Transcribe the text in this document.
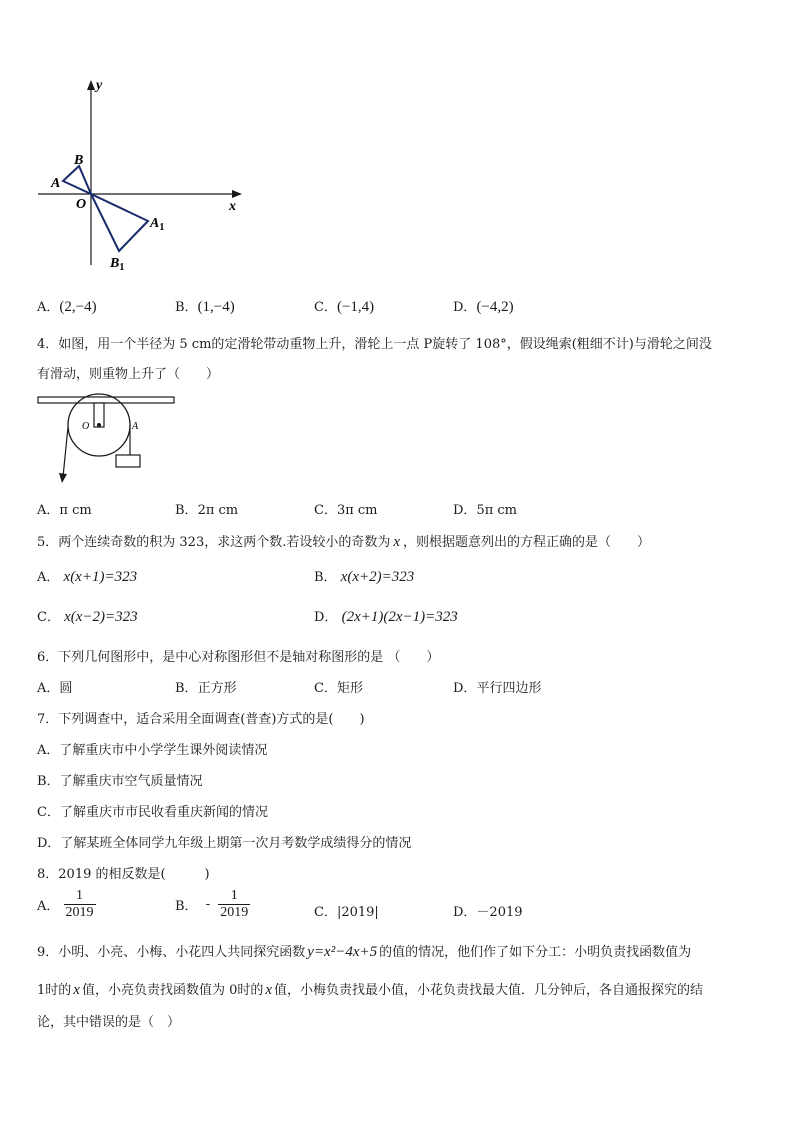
y
x
O
A
B
$A_1$
$B_1$
A．(2,−4)	B．(1,−4)	C．(−1,4)	D．(−4,2)
4．如图，用一个半径为 5 cm的定滑轮带动重物上升，滑轮上一点 P旋转了 108°，假设绳索(粗细不计)与滑轮之间没
有滑动，则重物上升了（　　）
O	A
A．π cm	B．2π cm	C．3π cm	D．5π cm
5．两个连续奇数的积为 323，求这两个数.若设较小的奇数为 x ，则根据题意列出的方程正确的是（　　）
A． x(x+1)=323	B． x(x+2)=323
C． x(x−2)=323	D． (2x+1)(2x−1)=323
6．下列几何图形中，是中心对称图形但不是轴对称图形的是 （　　）
A．圆	B．正方形	C．矩形	D．平行四边形
7．下列调查中，适合采用全面调查(普查)方式的是(　　)
A．了解重庆市中小学学生课外阅读情况
B．了解重庆市空气质量情况
C．了解重庆市市民收看重庆新闻的情况
D．了解某班全体同学九年级上期第一次月考数学成绩得分的情况
8．2019 的相反数是(　　　)
A． $\frac{1}{2019}$	B． - $\frac{1}{2019}$	C．|2019|	D．－2019
9．小明、小亮、小梅、小花四人共同探究函数 y=x²−4x+5 的值的情况，他们作了如下分工：小明负责找函数值为
1时的 x 值，小亮负责找函数值为 0时的 x 值，小梅负责找最小值，小花负责找最大值．几分钟后，各自通报探究的结
论，其中错误的是（　）
